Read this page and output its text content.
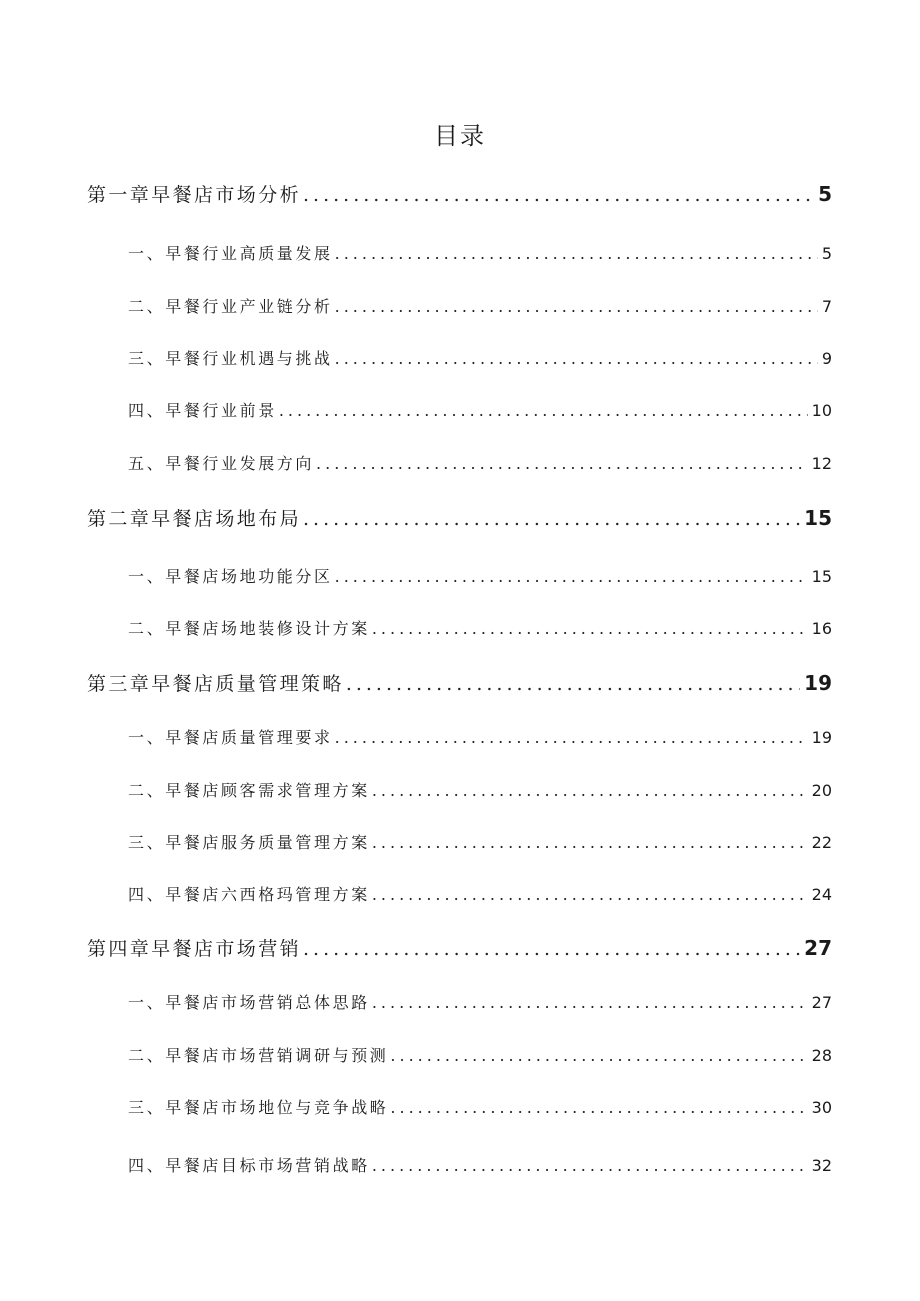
目录
第一章早餐店市场分析 .....	5
一、早餐行业高质量发展 .....	5
二、早餐行业产业链分析 .....	7
三、早餐行业机遇与挑战 .....	9
四、早餐行业前景 .....	10
五、早餐行业发展方向 .....	12
第二章早餐店场地布局 .....	15
一、早餐店场地功能分区 .....	15
二、早餐店场地装修设计方案 .....	16
第三章早餐店质量管理策略 .....	19
一、早餐店质量管理要求 .....	19
二、早餐店顾客需求管理方案 .....	20
三、早餐店服务质量管理方案 .....	22
四、早餐店六西格玛管理方案 .....	24
第四章早餐店市场营销 .....	27
一、早餐店市场营销总体思路 .....	27
二、早餐店市场营销调研与预测 .....	28
三、早餐店市场地位与竞争战略 .....	30
四、早餐店目标市场营销战略 .....	32
